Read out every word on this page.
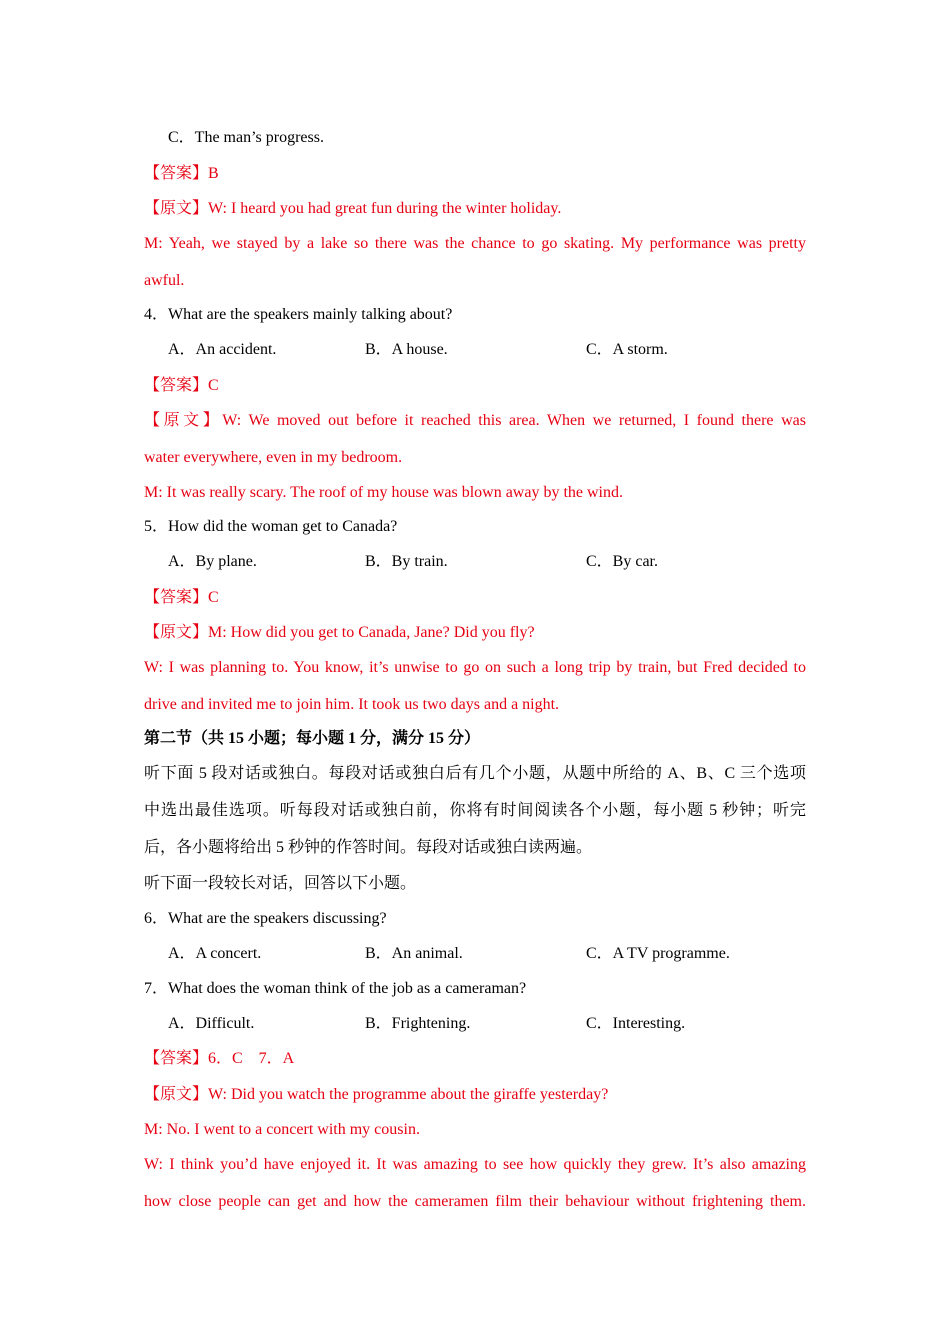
C．The man’s progress.
【答案】B
【原文】W: I heard you had great fun during the winter holiday.
M: Yeah, we stayed by a lake so there was the chance to go skating. My performance was pretty
awful.
4．What are the speakers mainly talking about?
A．An accident.	B．A house.	C．A storm.
【答案】C
【原文】W: We moved out before it reached this area. When we returned, I found there was
water everywhere, even in my bedroom.
M: It was really scary. The roof of my house was blown away by the wind.
5．How did the woman get to Canada?
A．By plane.	B．By train.	C．By car.
【答案】C
【原文】M: How did you get to Canada, Jane? Did you fly?
W: I was planning to. You know, it’s unwise to go on such a long trip by train, but Fred decided to
drive and invited me to join him. It took us two days and a night.
第二节（共 15 小题；每小题 1 分，满分 15 分）
听下面 5 段对话或独白。每段对话或独白后有几个小题，从题中所给的 A、B、C 三个选项
中选出最佳选项。听每段对话或独白前，你将有时间阅读各个小题，每小题 5 秒钟；听完
后，各小题将给出 5 秒钟的作答时间。每段对话或独白读两遍。
听下面一段较长对话，回答以下小题。
6．What are the speakers discussing?
A．A concert.	B．An animal.	C．A TV programme.
7．What does the woman think of the job as a cameraman?
A．Difficult.	B．Frightening.	C．Interesting.
【答案】6．C　7．A
【原文】W: Did you watch the programme about the giraffe yesterday?
M: No. I went to a concert with my cousin.
W: I think you’d have enjoyed it. It was amazing to see how quickly they grew. It’s also amazing
how close people can get and how the cameramen film their behaviour without frightening them.
